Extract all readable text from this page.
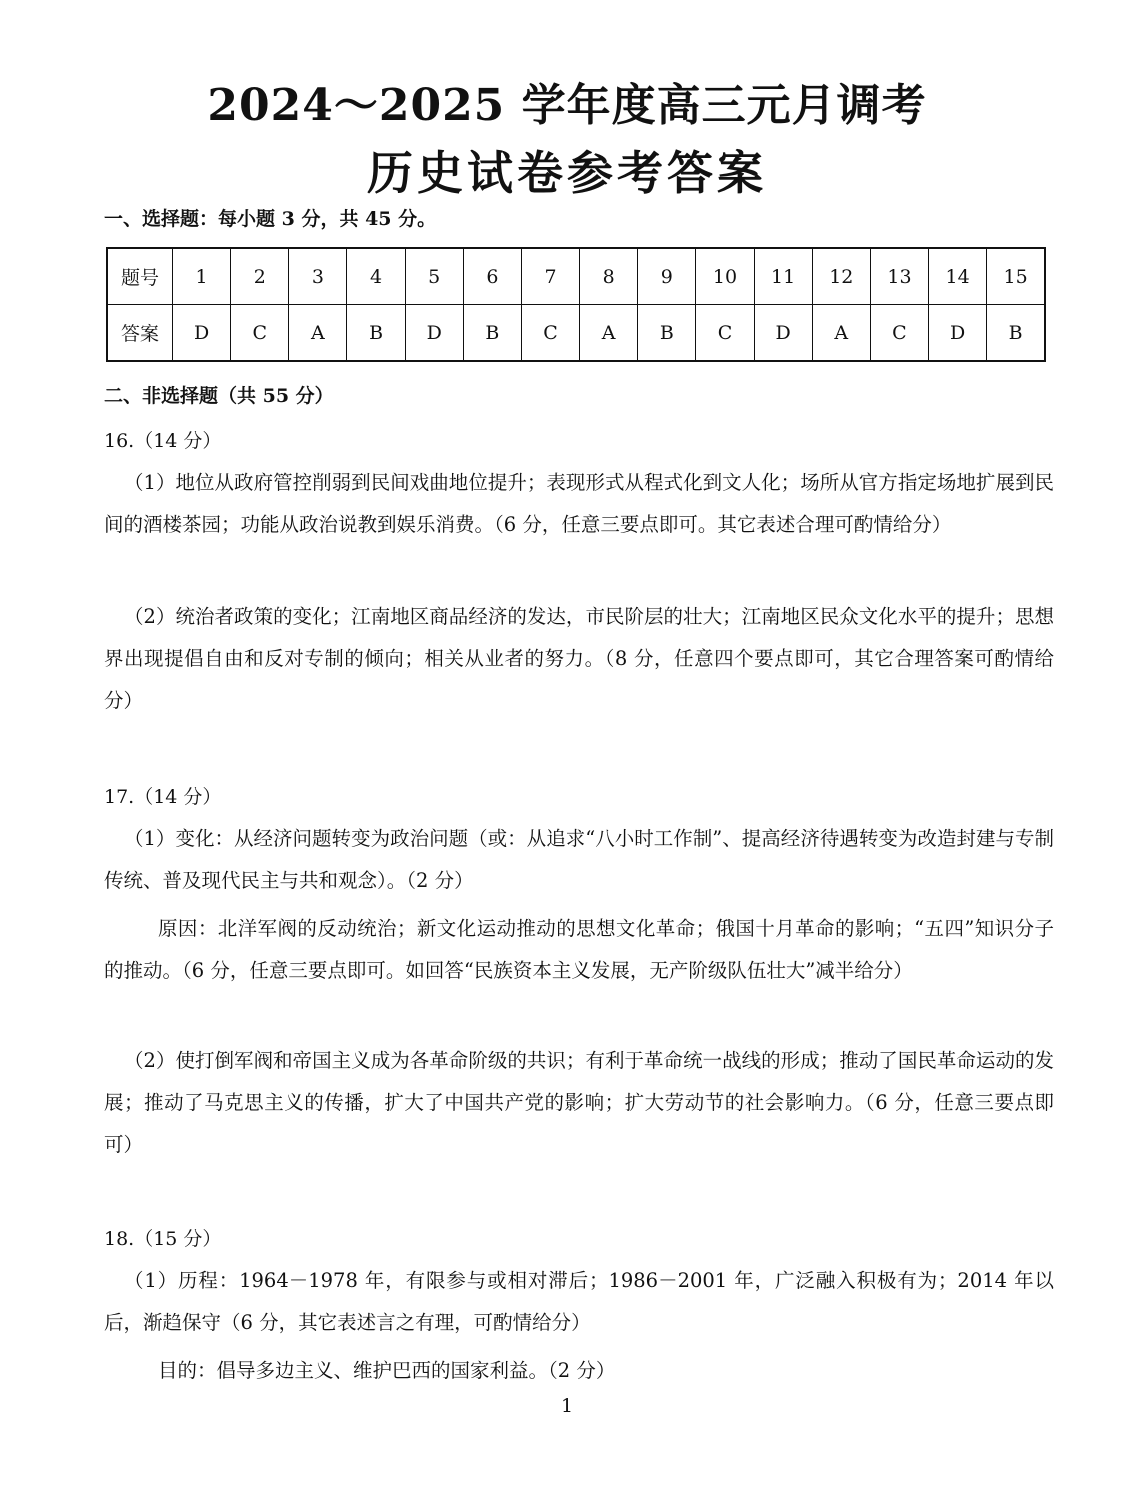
2024～2025 学年度高三元月调考
历史试卷参考答案
一、选择题：每小题 3 分，共 45 分。
题号	1	2	3	4	5	6	7	8	9	10	11	12	13	14	15
答案	D	C	A	B	D	B	C	A	B	C	D	A	C	D	B
二、非选择题（共 55 分）
16.（14 分）
（1）地位从政府管控削弱到民间戏曲地位提升；表现形式从程式化到文人化；场所从官方指定场地扩展到民间的酒楼茶园；功能从政治说教到娱乐消费。（6 分，任意三要点即可。其它表述合理可酌情给分）
（2）统治者政策的变化；江南地区商品经济的发达，市民阶层的壮大；江南地区民众文化水平的提升；思想界出现提倡自由和反对专制的倾向；相关从业者的努力。（8 分，任意四个要点即可，其它合理答案可酌情给分）
17.（14 分）
（1）变化：从经济问题转变为政治问题（或：从追求“八小时工作制”、提高经济待遇转变为改造封建与专制传统、普及现代民主与共和观念）。（2 分）
原因：北洋军阀的反动统治；新文化运动推动的思想文化革命；俄国十月革命的影响；“五四”知识分子的推动。（6 分，任意三要点即可。如回答“民族资本主义发展，无产阶级队伍壮大”减半给分）
（2）使打倒军阀和帝国主义成为各革命阶级的共识；有利于革命统一战线的形成；推动了国民革命运动的发展；推动了马克思主义的传播，扩大了中国共产党的影响；扩大劳动节的社会影响力。（6 分，任意三要点即可）
18.（15 分）
（1）历程：1964－1978 年，有限参与或相对滞后；1986－2001 年，广泛融入积极有为；2014 年以后，渐趋保守（6 分，其它表述言之有理，可酌情给分）
目的：倡导多边主义、维护巴西的国家利益。（2 分）
1
